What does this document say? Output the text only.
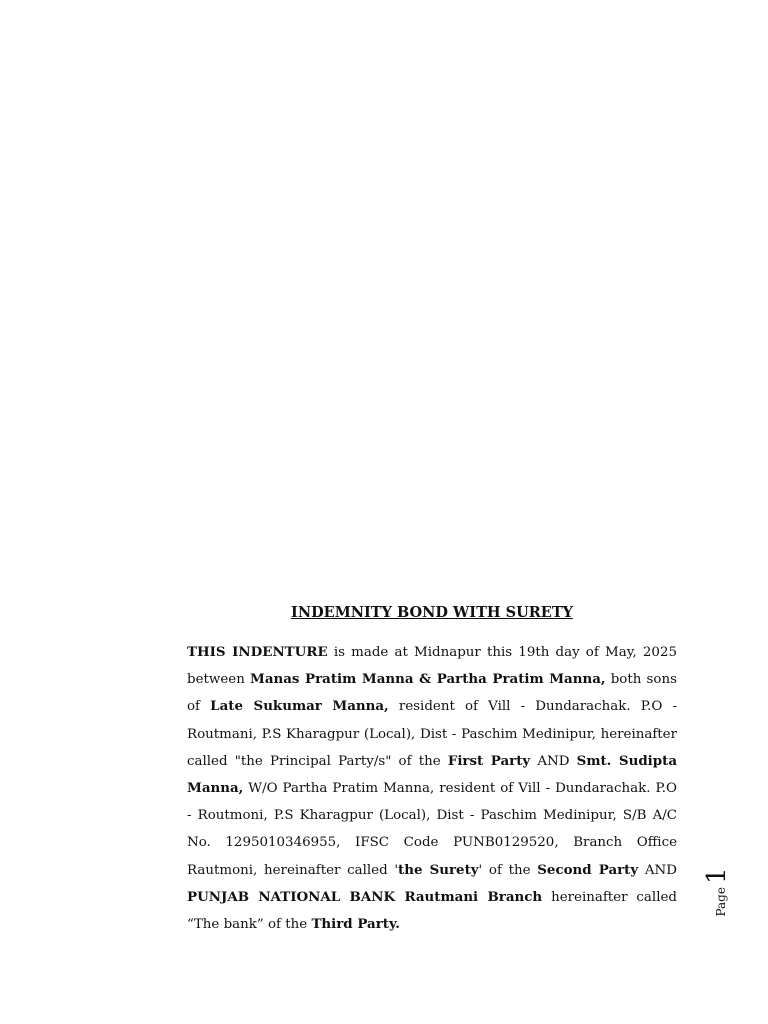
INDEMNITY BOND WITH SURETY

THIS INDENTURE is made at Midnapur this 19th day of May, 2025 between Manas Pratim Manna & Partha Pratim Manna, both sons of Late Sukumar Manna, resident of Vill - Dundarachak. P.O - Routmani, P.S Kharagpur (Local), Dist - Paschim Medinipur, hereinafter called "the Principal Party/s" of the First Party AND Smt. Sudipta Manna, W/O Partha Pratim Manna, resident of Vill - Dundarachak. P.O - Routmoni, P.S Kharagpur (Local), Dist - Paschim Medinipur, S/B A/C No. 1295010346955, IFSC Code PUNB0129520, Branch Office Rautmoni, hereinafter called 'the Surety' of the Second Party AND PUNJAB NATIONAL BANK Rautmani Branch hereinafter called “The bank” of the Third Party.

Page
1
